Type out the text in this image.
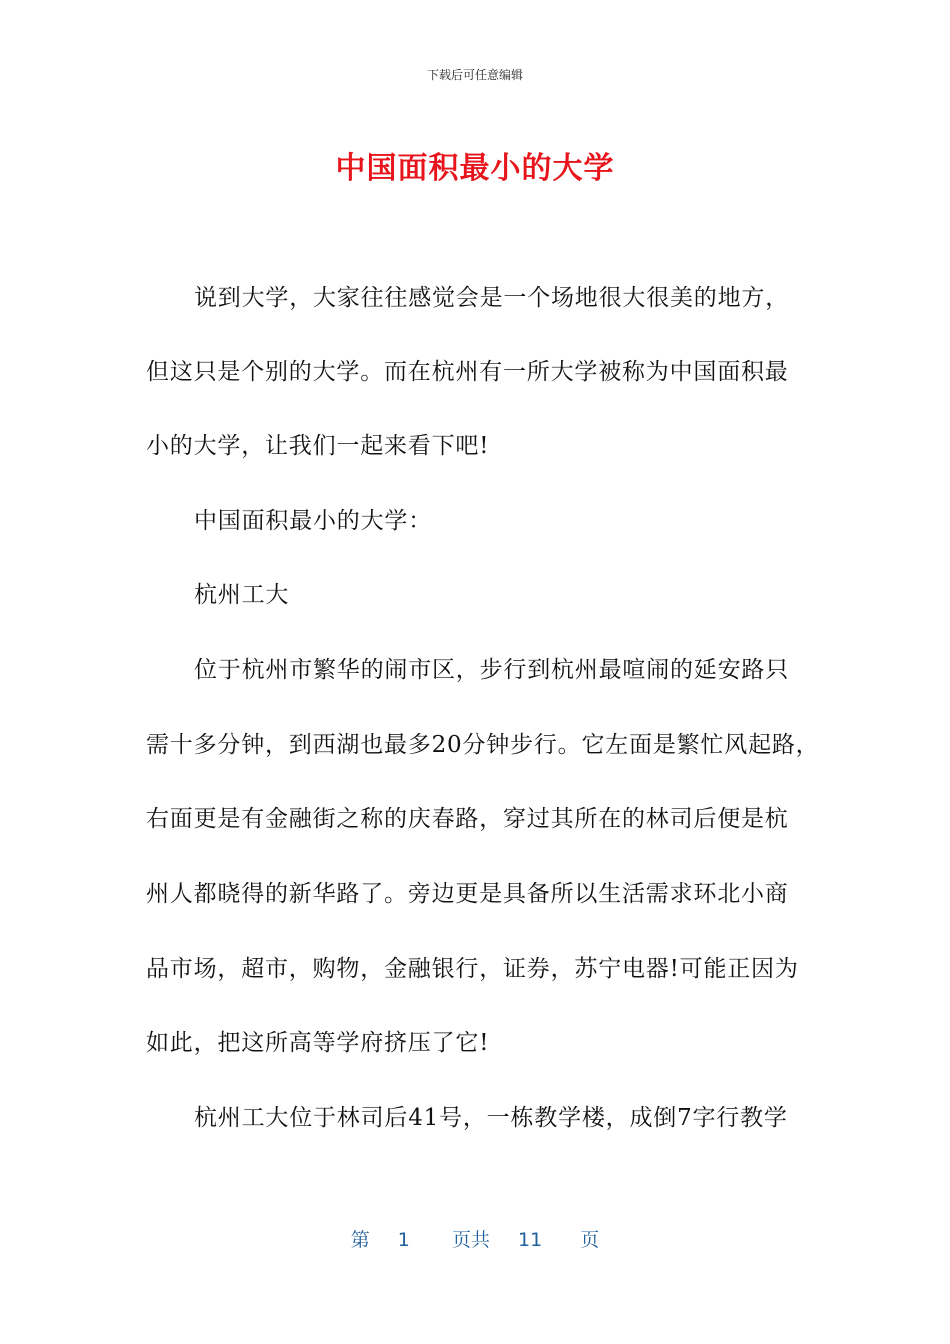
下载后可任意编辑
中国面积最小的大学
说到大学，大家往往感觉会是一个场地很大很美的地方，
但这只是个别的大学。而在杭州有一所大学被称为中国面积最
小的大学，让我们一起来看下吧!
中国面积最小的大学：
杭州工大
位于杭州市繁华的闹市区，步行到杭州最喧闹的延安路只
需十多分钟，到西湖也最多20分钟步行。它左面是繁忙风起路，
右面更是有金融街之称的庆春路，穿过其所在的林司后便是杭
州人都晓得的新华路了。旁边更是具备所以生活需求环北小商
品市场，超市，购物，金融银行，证券，苏宁电器!可能正因为
如此，把这所高等学府挤压了它!
杭州工大位于林司后41号，一栋教学楼，成倒7字行教学
第 1 页共 11 页
